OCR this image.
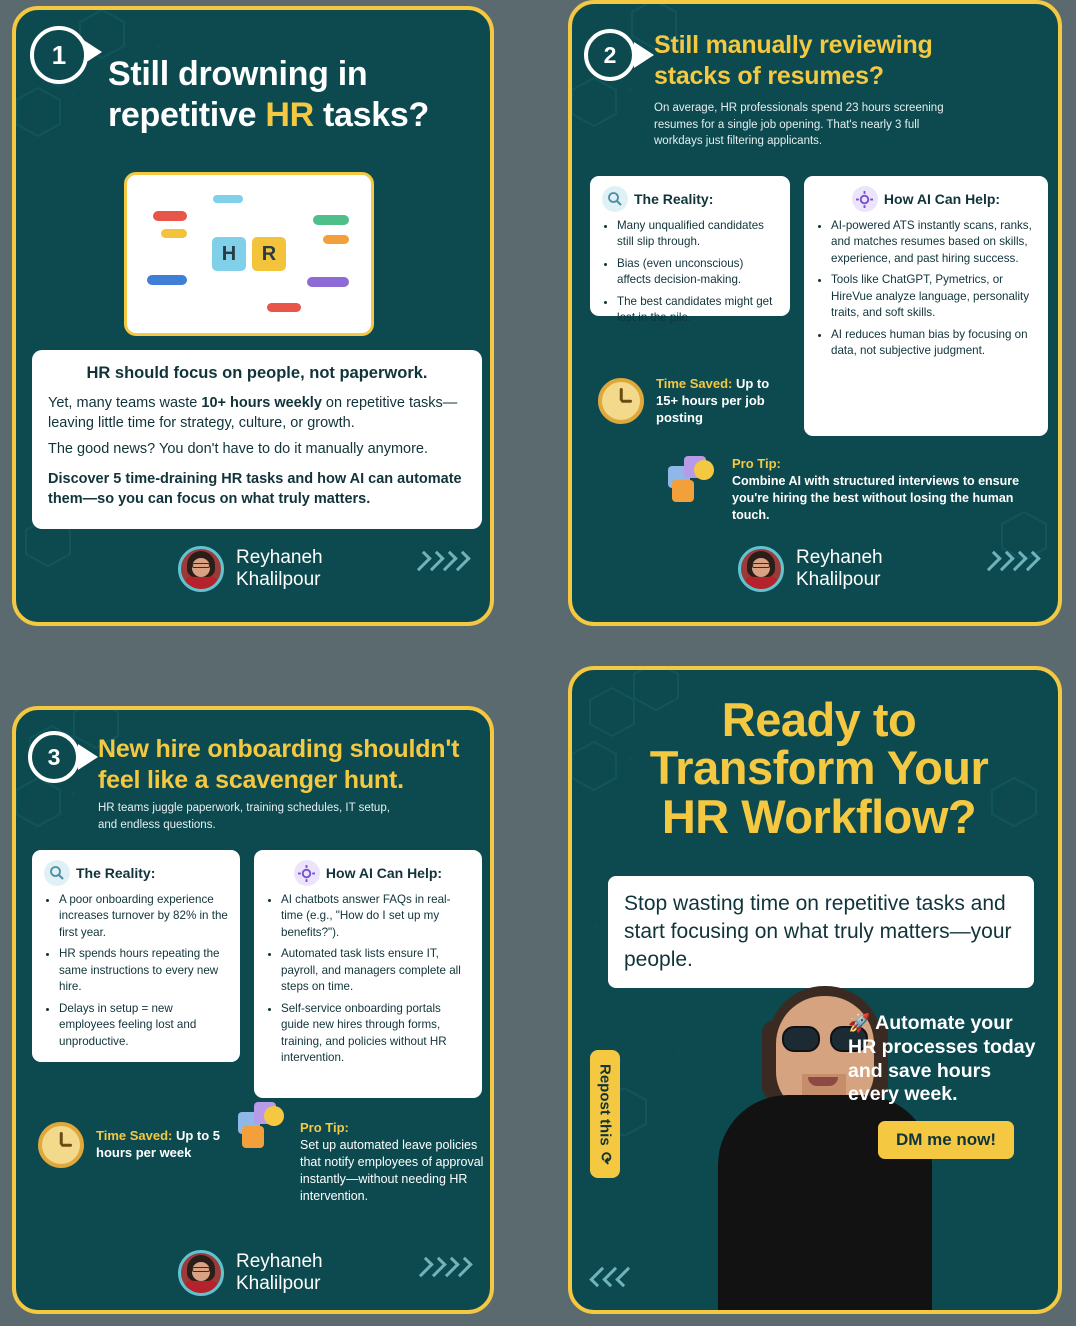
1
Still drowning in
repetitive HR tasks?
H	R
HR should focus on people, not paperwork.

Yet, many teams waste 10+ hours weekly on repetitive tasks—leaving little time for strategy, culture, or growth.

The good news? You don't have to do it manually anymore.

Discover 5 time-draining HR tasks and how AI can automate them—so you can focus on what truly matters.

Reyhaneh
Khalilpour
2	Still manually reviewing stacks of resumes?
On average, HR professionals spend 23 hours screening resumes for a single job opening. That's nearly 3 full workdays just filtering applicants.
The Reality:
• Many unqualified candidates still slip through.
• Bias (even unconscious) affects decision-making.
• The best candidates might get lost in the pile.
How AI Can Help:
• AI-powered ATS instantly scans, ranks, and matches resumes based on skills, experience, and past hiring success.
• Tools like ChatGPT, Pymetrics, or HireVue analyze language, personality traits, and soft skills.
• AI reduces human bias by focusing on data, not subjective judgment.
Time Saved: Up to 15+ hours per job posting
Pro Tip:
Combine AI with structured interviews to ensure you're hiring the best without losing the human touch.
Reyhaneh
Khalilpour
3	New hire onboarding shouldn't feel like a scavenger hunt.
HR teams juggle paperwork, training schedules, IT setup, and endless questions.
The Reality:
• A poor onboarding experience increases turnover by 82% in the first year.
• HR spends hours repeating the same instructions to every new hire.
• Delays in setup = new employees feeling lost and unproductive.
How AI Can Help:
• AI chatbots answer FAQs in real-time (e.g., "How do I set up my benefits?").
• Automated task lists ensure IT, payroll, and managers complete all steps on time.
• Self-service onboarding portals guide new hires through forms, training, and policies without HR intervention.
Time Saved: Up to 5 hours per week
Pro Tip:
Set up automated leave policies that notify employees of approval instantly—without needing HR intervention.
Reyhaneh
Khalilpour
Ready to
Transform Your
HR Workflow?
Stop wasting time on repetitive tasks and start focusing on what truly matters—your people.
🚀 Automate your HR processes today and save hours every week.
DM me now!
Repost this
⟳
